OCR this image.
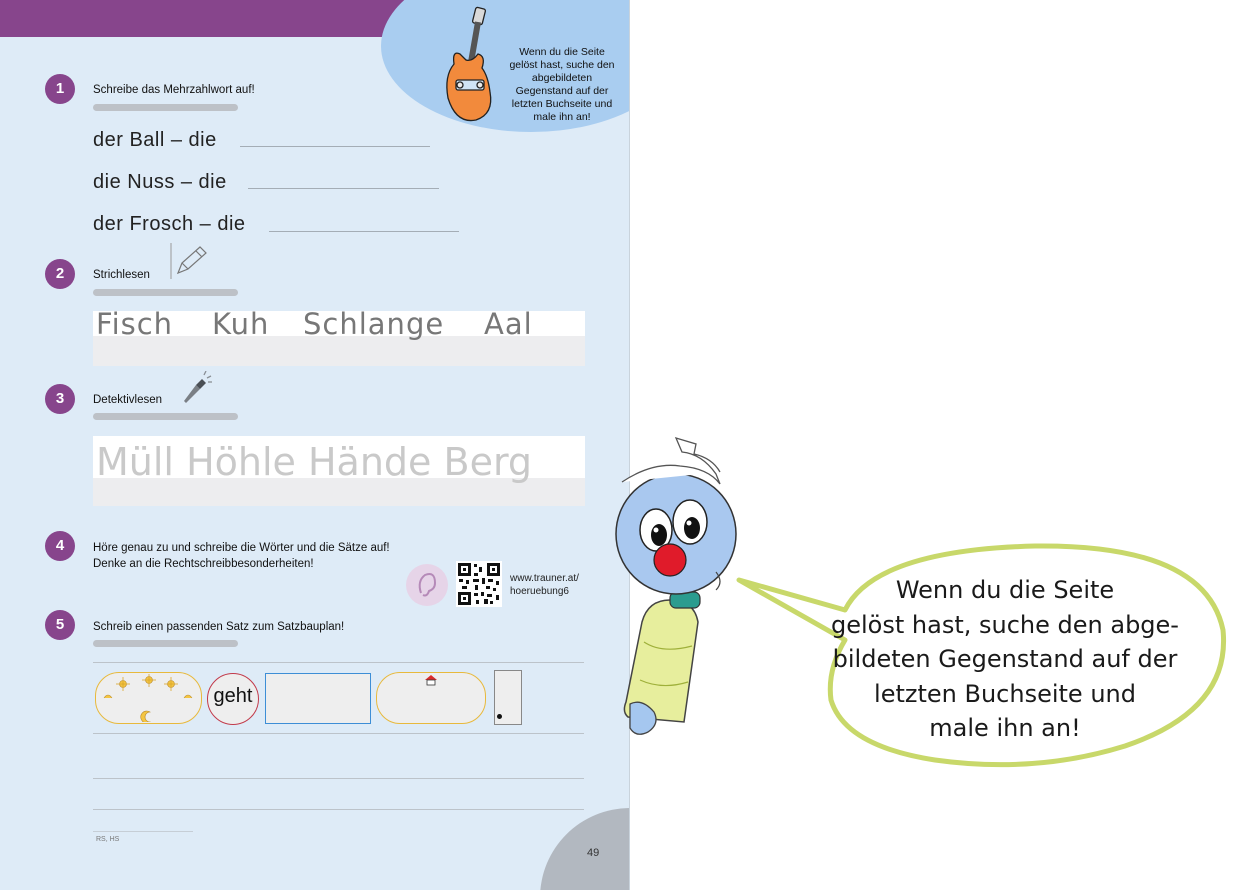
Wenn du die Seite gelöst hast, suche den abgebildeten Gegenstand auf der letzten Buchseite und male ihn an!
1	Schreibe das Mehrzahlwort auf!
der Ball – die
die Nuss – die
der Frosch – die
2	Strichlesen
Fisch Kuh Schlange Aal
3	Detektivlesen
Müll Höhle Hände Berg
4	Höre genau zu und schreibe die Wörter und die Sätze auf!
Denke an die Rechtschreibbesonderheiten!
www.trauner.at/
hoeruebung6
5	Schreib einen passenden Satz zum Satzbauplan!
geht
RS, HS
49
Wenn du die Seite
gelöst hast, suche den abge-
bildeten Gegenstand auf der
letzten Buchseite und
male ihn an!
